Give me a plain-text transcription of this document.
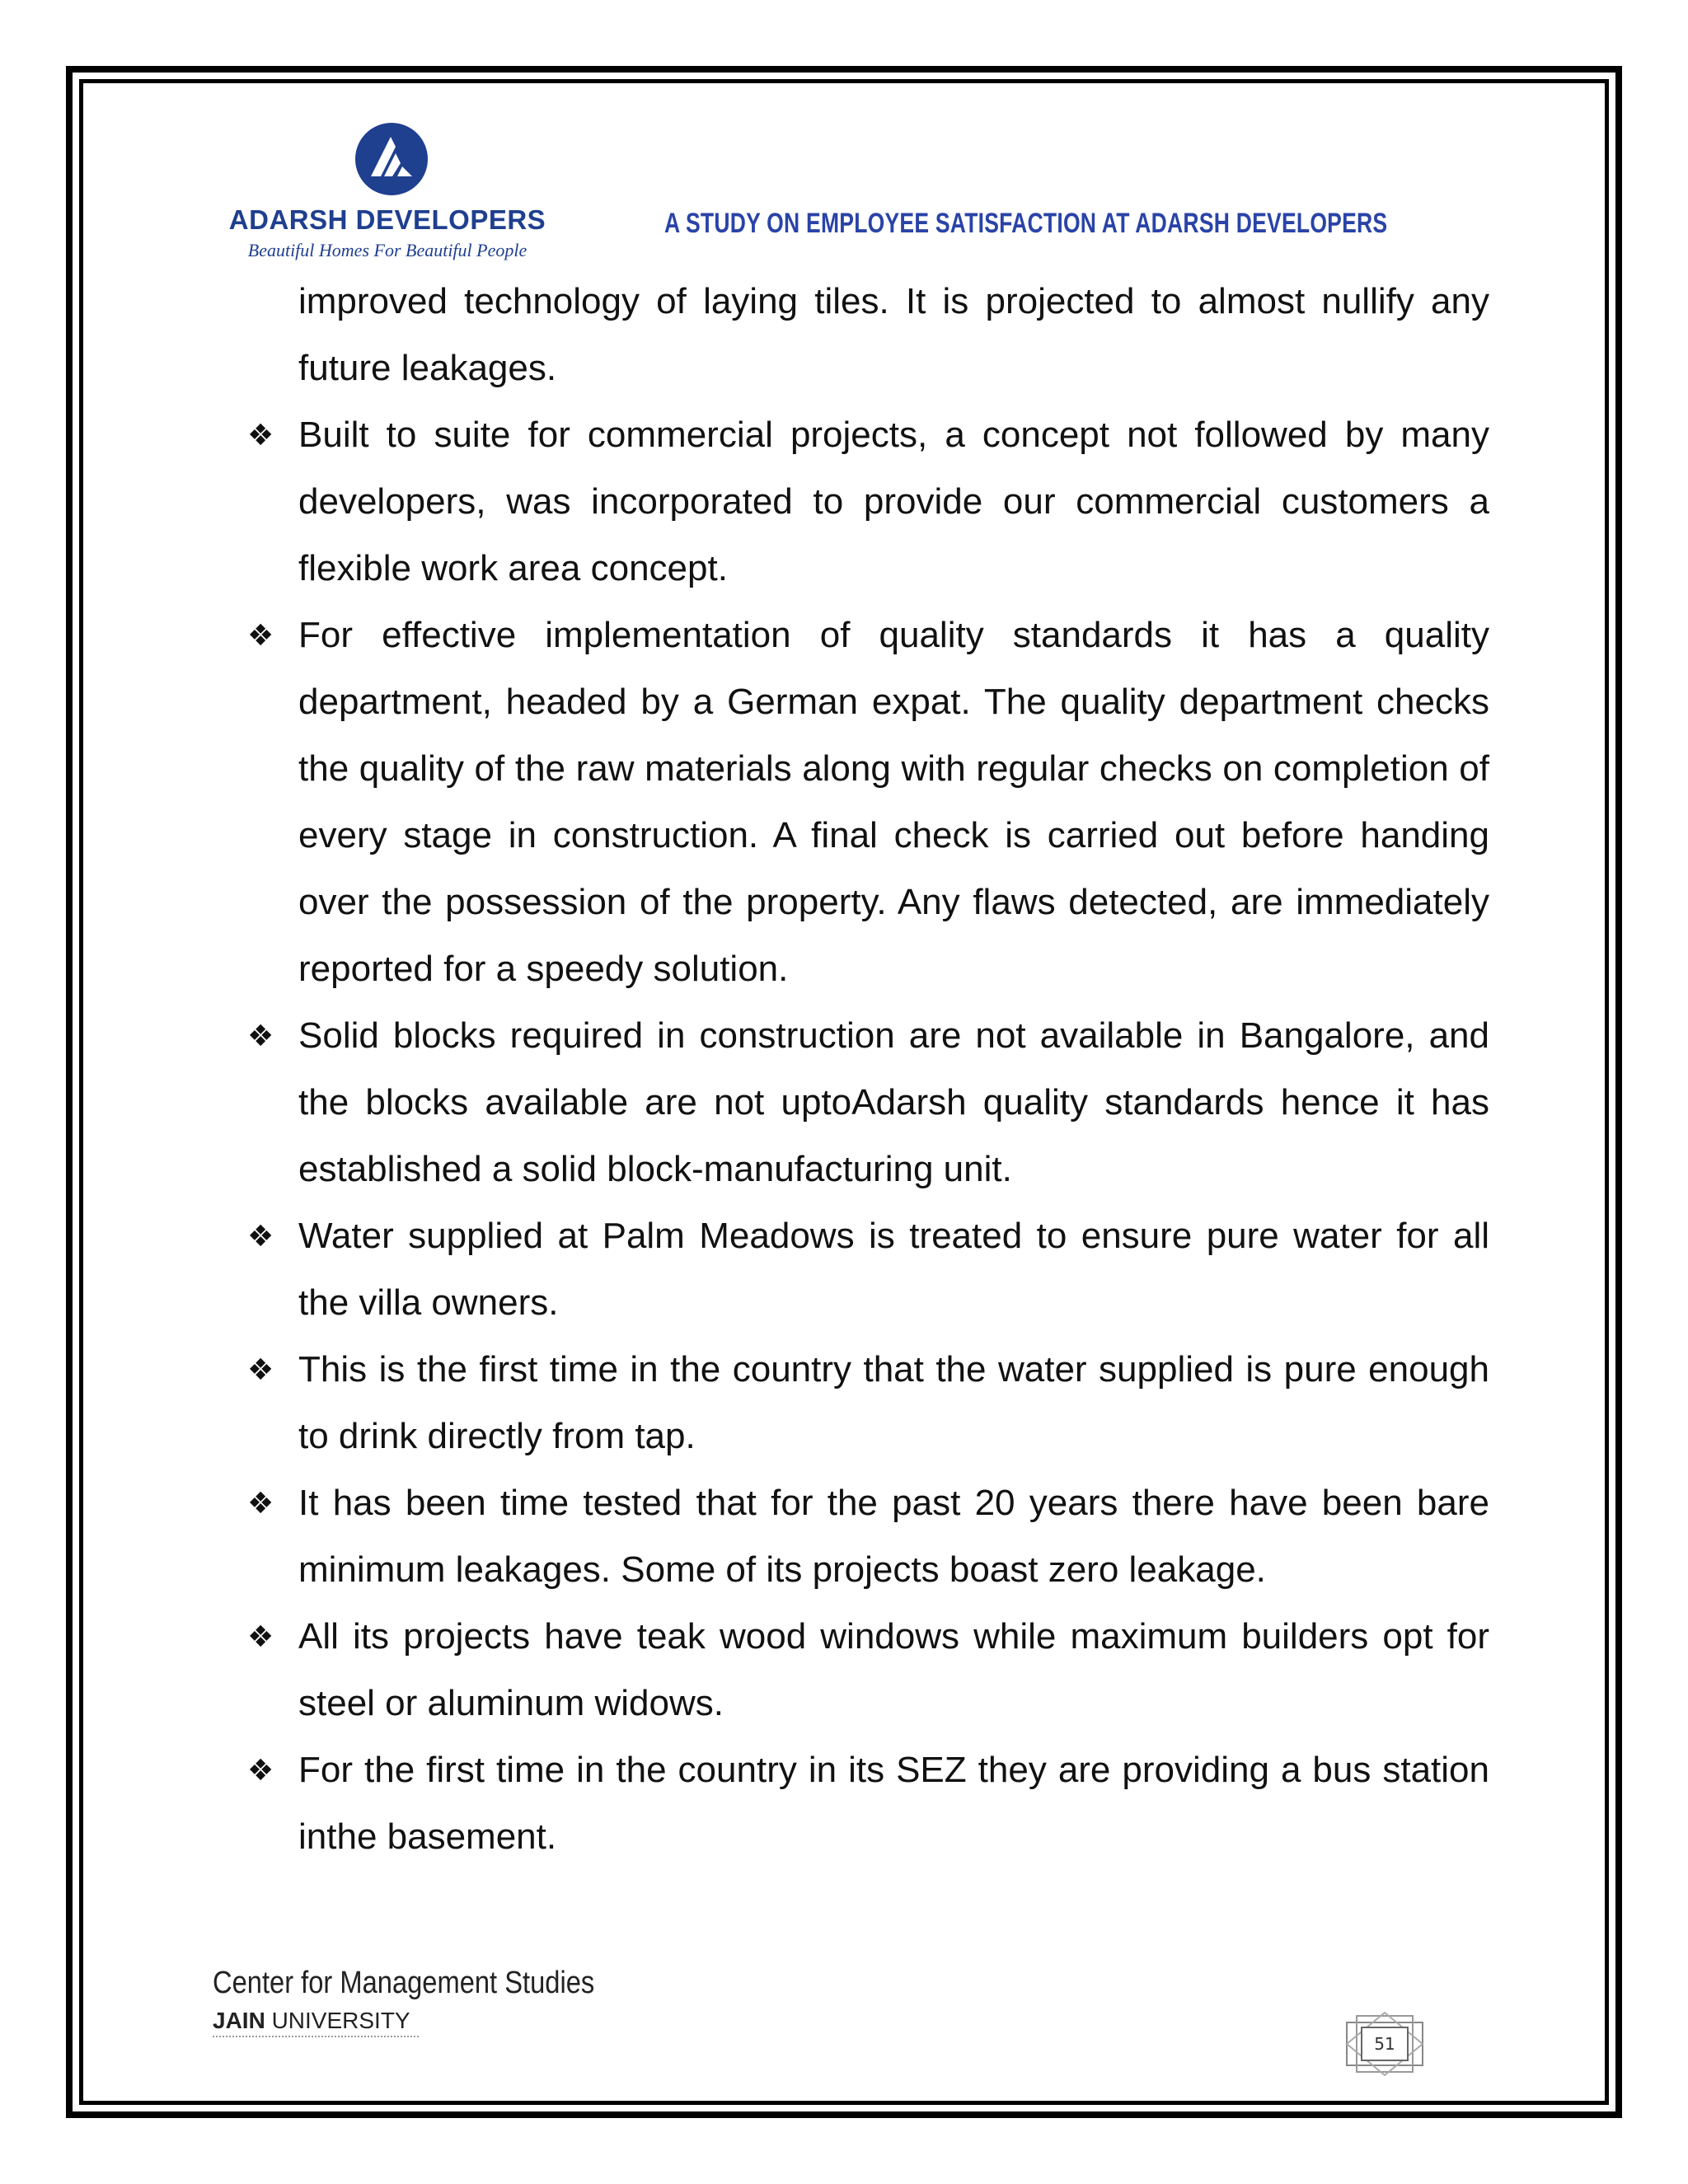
ADARSH DEVELOPERS
Beautiful Homes For Beautiful People
A STUDY ON EMPLOYEE SATISFACTION AT ADARSH DEVELOPERS

improved technology of laying tiles. It is projected to almost nullify any future leakages.

❖ Built to suite for commercial projects, a concept not followed by many developers, was incorporated to provide our commercial customers a flexible work area concept.

❖ For effective implementation of quality standards it has a quality department, headed by a German expat. The quality department checks the quality of the raw materials along with regular checks on completion of every stage in construction. A final check is carried out before handing over the possession of the property. Any flaws detected, are immediately reported for a speedy solution.

❖ Solid blocks required in construction are not available in Bangalore, and the blocks available are not uptoAdarsh quality standards hence it has established a solid block-manufacturing unit.

❖ Water supplied at Palm Meadows is treated to ensure pure water for all the villa owners.

❖ This is the first time in the country that the water supplied is pure enough to drink directly from tap.

❖ It has been time tested that for the past 20 years there have been bare minimum leakages. Some of its projects boast zero leakage.

❖ All its projects have teak wood windows while maximum builders opt for steel or aluminum widows.

❖ For the first time in the country in its SEZ they are providing a bus station inthe basement.

Center for Management Studies
JAIN UNIVERSITY
51
